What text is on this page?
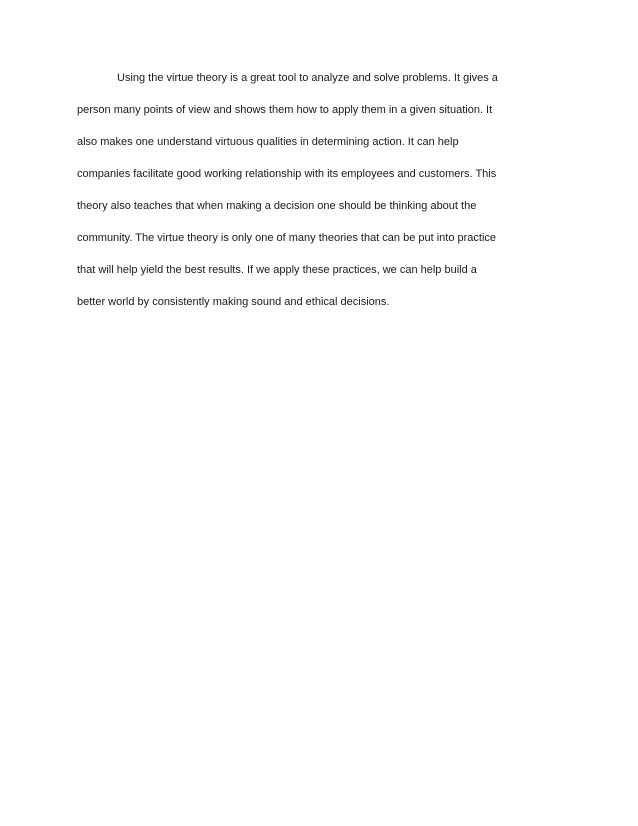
Using the virtue theory is a great tool to analyze and solve problems. It gives a
person many points of view and shows them how to apply them in a given situation. It
also makes one understand virtuous qualities in determining action. It can help
companies facilitate good working relationship with its employees and customers. This
theory also teaches that when making a decision one should be thinking about the
community. The virtue theory is only one of many theories that can be put into practice
that will help yield the best results. If we apply these practices, we can help build a
better world by consistently making sound and ethical decisions.
